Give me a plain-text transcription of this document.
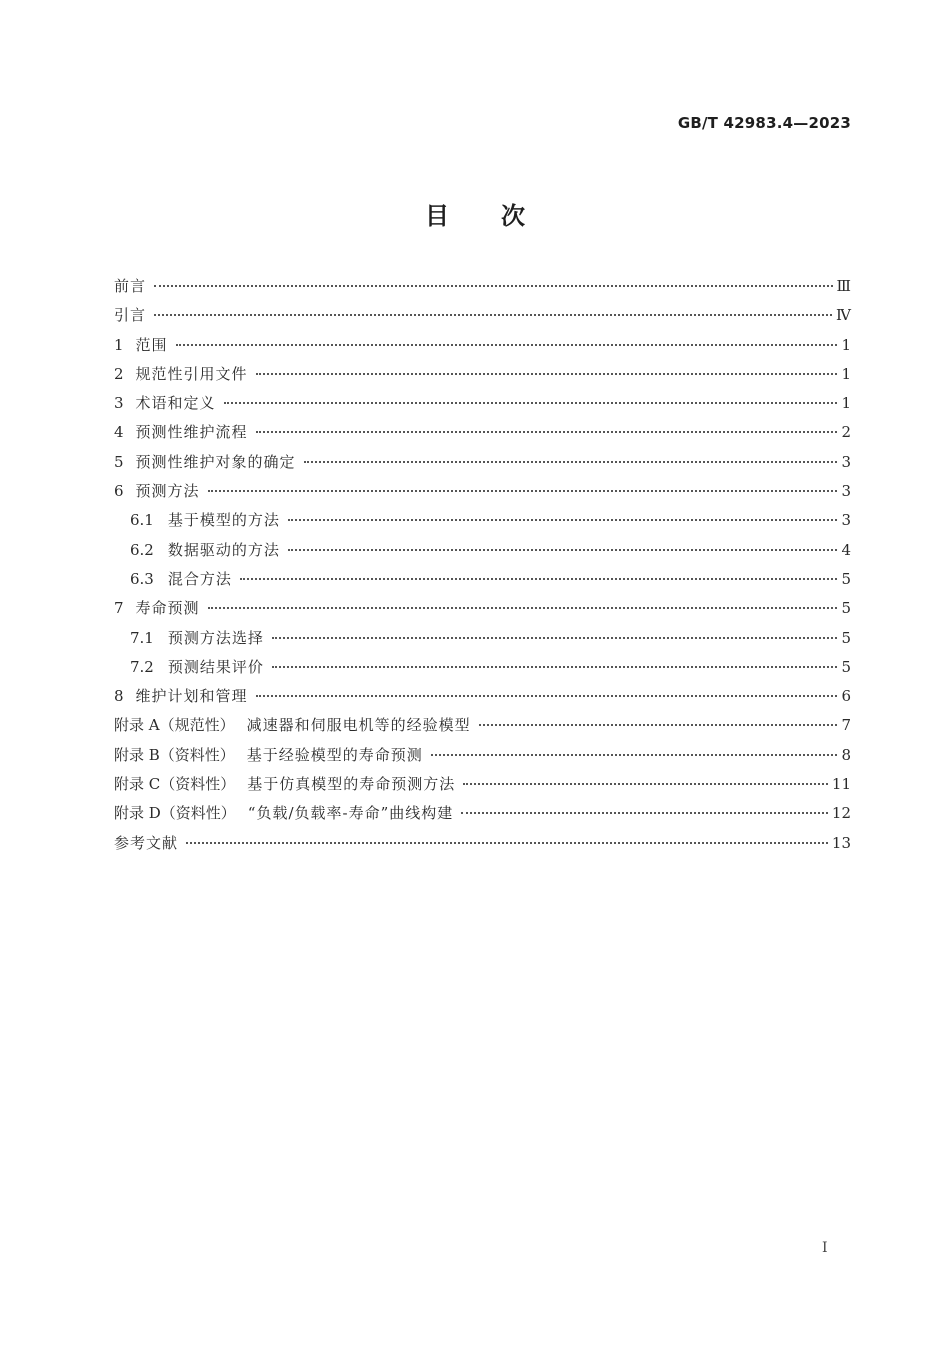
GB/T 42983.4—2023
目次
前言	Ⅲ
引言	Ⅳ
1 范围	1
2 规范性引用文件	1
3 术语和定义	1
4 预测性维护流程	2
5 预测性维护对象的确定	3
6 预测方法	3
6.1 基于模型的方法	3
6.2 数据驱动的方法	4
6.3 混合方法	5
7 寿命预测	5
7.1 预测方法选择	5
7.2 预测结果评价	5
8 维护计划和管理	6
附录 A（规范性） 减速器和伺服电机等的经验模型	7
附录 B（资料性） 基于经验模型的寿命预测	8
附录 C（资料性） 基于仿真模型的寿命预测方法	11
附录 D（资料性） “负载/负载率-寿命”曲线构建	12
参考文献	13
I
